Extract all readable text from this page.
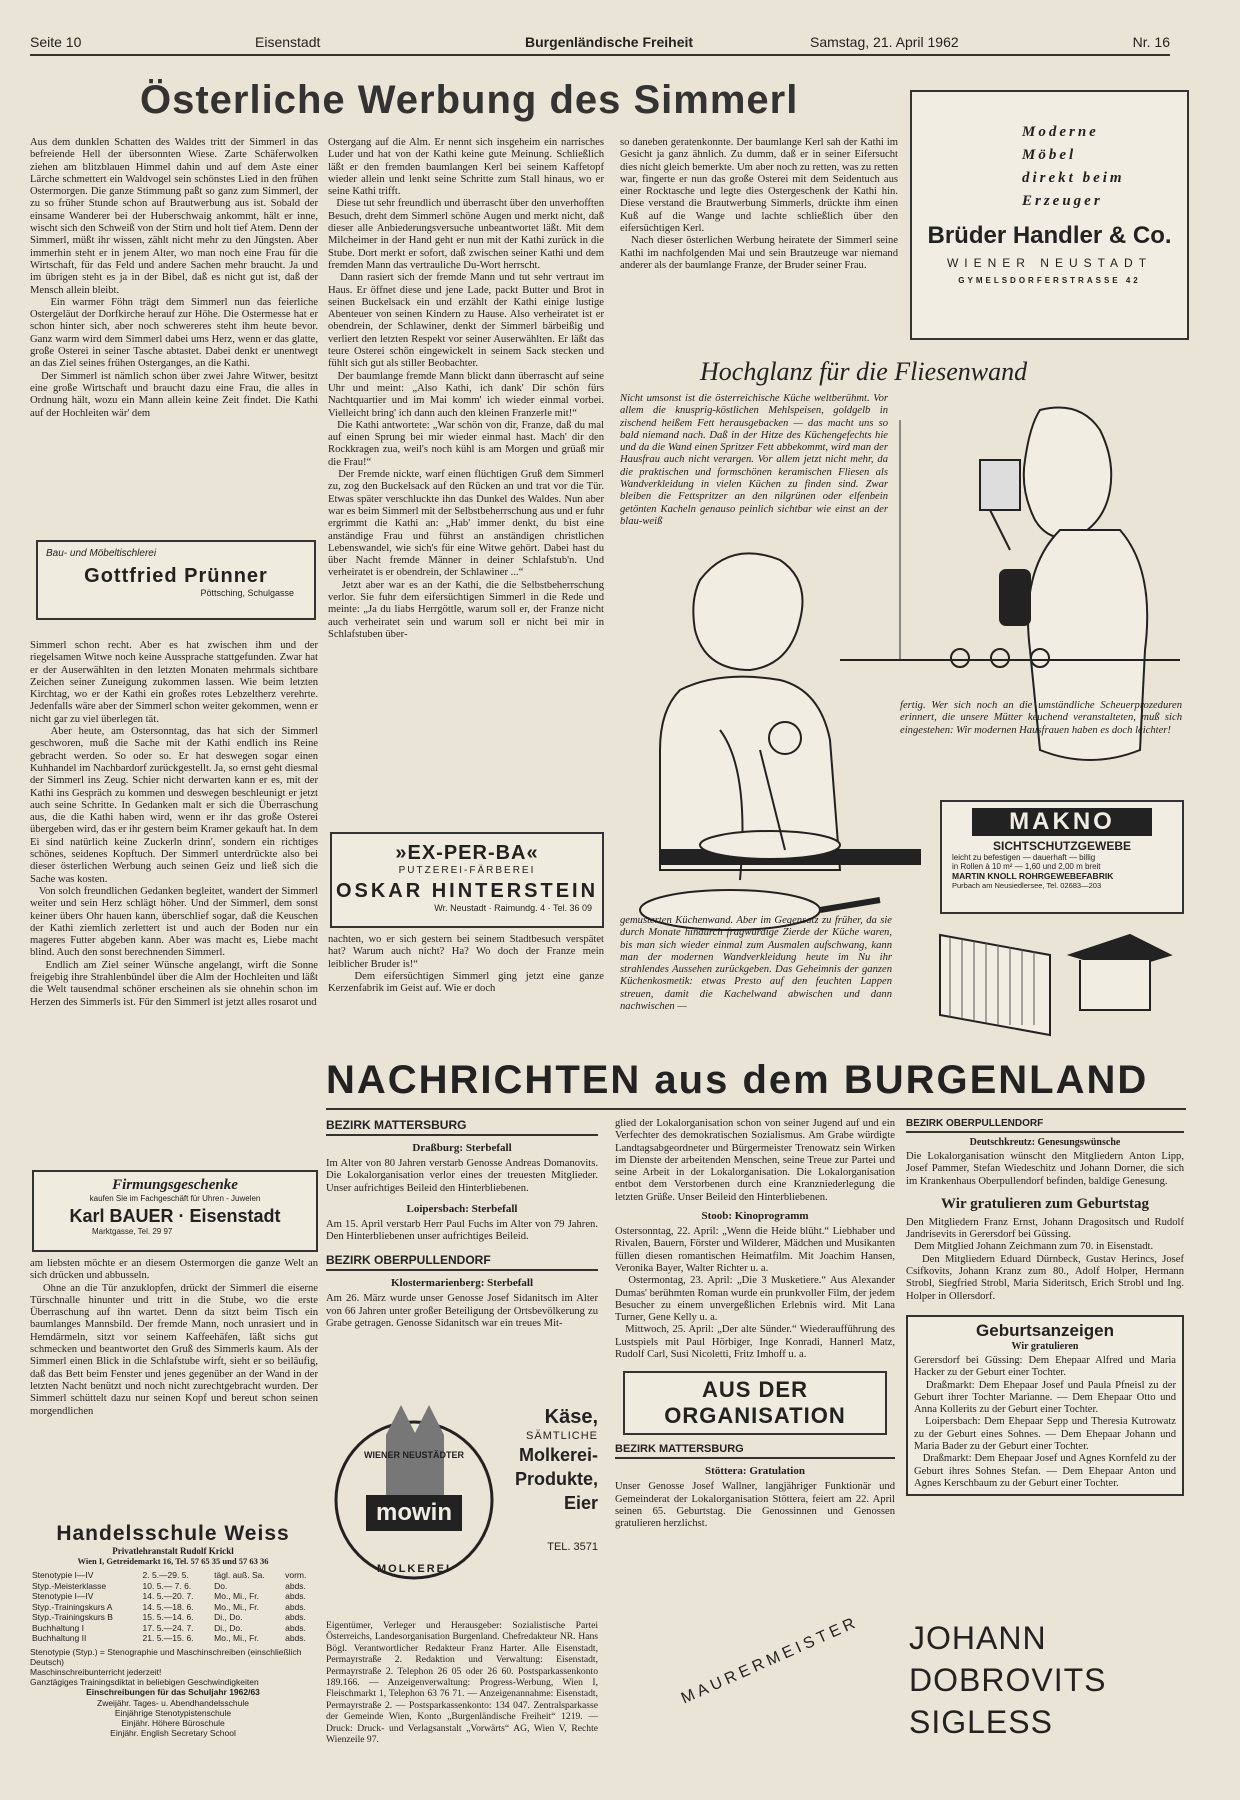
Seite 10	Eisenstadt	Burgenländische Freiheit	Samstag, 21. April 1962	Nr. 16
Österliche Werbung des Simmerl
Aus dem dunklen Schatten des Waldes tritt der Simmerl in das befreiende Hell der übersonnten Wiese. Zarte Schäferwolken ziehen am blitzblauen Himmel dahin und auf dem Aste einer Lärche schmettert ein Waldvogel sein schönstes Lied in den frühen Ostermorgen. Die ganze Stimmung paßt so ganz zum Simmerl, der zu so früher Stunde schon auf Brautwerbung aus ist. Sobald der einsame Wanderer bei der Huberschwaig ankommt, hält er inne, wischt sich den Schweiß von der Stirn und holt tief Atem. Denn der Simmerl, müßt ihr wissen, zählt nicht mehr zu den Jüngsten. Aber immerhin steht er in jenem Alter, wo man noch eine Frau für die Wirtschaft, für das Feld und andere Sachen mehr braucht. Ja und im übrigen steht es ja in der Bibel, daß es nicht gut ist, daß der Mensch allein bleibt.
Ein warmer Föhn trägt dem Simmerl nun das feierliche Ostergeläut der Dorfkirche herauf zur Höhe. Die Ostermesse hat er schon hinter sich, aber noch schwereres steht ihm heute bevor. Ganz warm wird dem Simmerl dabei ums Herz, wenn er das glatte, große Osterei in seiner Tasche abtastet. Dabei denkt er unentwegt an das Ziel seines frühen Osterganges, an die Kathi.
Der Simmerl ist nämlich schon über zwei Jahre Witwer, besitzt eine große Wirtschaft und braucht dazu eine Frau, die alles in Ordnung hält, wozu ein Mann allein keine Zeit findet. Die Kathi auf der Hochleiten wär' dem
Bau- und Möbeltischlerei
Gottfried Prünner
Pöttsching, Schulgasse
Simmerl schon recht. Aber es hat zwischen ihm und der riegelsamen Witwe noch keine Aussprache stattgefunden. Zwar hat er der Auserwählten in den letzten Monaten mehrmals sichtbare Zeichen seiner Zuneigung zukommen lassen. Wie beim letzten Kirchtag, wo er der Kathi ein großes rotes Lebzeltherz verehrte. Jedenfalls wäre aber der Simmerl schon weiter gekommen, wenn er nicht gar zu viel überlegen tät.
Aber heute, am Ostersonntag, das hat sich der Simmerl geschworen, muß die Sache mit der Kathi endlich ins Reine gebracht werden. So oder so. Er hat deswegen sogar einen Kuhhandel im Nachbardorf zurückgestellt. Ja, so ernst geht diesmal der Simmerl ins Zeug. Schier nicht derwarten kann er es, mit der Kathi ins Gespräch zu kommen und deswegen beschleunigt er jetzt auch seine Schritte. In Gedanken malt er sich die Überraschung aus, die die Kathi haben wird, wenn er ihr das große Osterei übergeben wird, das er ihr gestern beim Kramer gekauft hat. In dem Ei sind natürlich keine Zuckerln drinn', sondern ein richtiges schönes, seidenes Kopftuch. Der Simmerl unterdrückte also bei dieser österlichen Werbung auch seinen Geiz und ließ sich die Sache was kosten.
Von solch freundlichen Gedanken begleitet, wandert der Simmerl weiter und sein Herz schlägt höher. Und der Simmerl, dem sonst keiner übers Ohr hauen kann, überschlief sogar, daß die Keuschen der Kathi ziemlich zerlettert ist und auch der Boden nur ein mageres Futter abgeben kann. Aber was macht es, Liebe macht blind. Auch den sonst berechnenden Simmerl.
Endlich am Ziel seiner Wünsche angelangt, wirft die Sonne freigebig ihre Strahlenbündel über die Alm der Hochleiten und läßt die Welt tausendmal schöner erscheinen als sie ohnehin schon im Herzen des Simmerls ist. Für den Simmerl ist jetzt alles rosarot und
Firmungsgeschenke
kaufen Sie im Fachgeschäft für Uhren - Juwelen
Karl BAUER · Eisenstadt
Marktgasse, Tel. 29 97
am liebsten möchte er an diesem Ostermorgen die ganze Welt an sich drücken und abbusseln.
Ohne an die Tür anzuklopfen, drückt der Simmerl die eiserne Türschnalle hinunter und tritt in die Stube, wo die erste Überraschung auf ihn wartet. Denn da sitzt beim Tisch ein baumlanges Mannsbild. Der fremde Mann, noch unrasiert und in Hemdärmeln, sitzt vor seinem Kaffeehäfen, läßt sichs gut schmecken und beantwortet den Gruß des Simmerls kaum. Als der Simmerl einen Blick in die Schlafstube wirft, sieht er so beiläufig, daß das Bett beim Fenster und jenes gegenüber an der Wand in der letzten Nacht benützt und noch nicht zurechtgebracht wurden. Der Simmerl schüttelt dazu nur seinen Kopf und bereut schon seinen morgendlichen
Handelsschule Weiss
Privatlehranstalt Rudolf Krickl
Wien I, Getreidemarkt 16, Tel. 57 65 35 und 57 63 36
Stenotypie I—IV	2. 5.—29. 5.	tägl. auß. Sa.	vorm.
Styp.-Meisterklasse	10. 5.— 7. 6.	Do.	abds.
Stenotypie I—IV	14. 5.—20. 7.	Mo., Mi., Fr.	abds.
Styp.-Trainingskurs A	14. 5.—18. 6.	Mo., Mi., Fr.	abds.
Styp.-Trainingskurs B	15. 5.—14. 6.	Di., Do.	abds.
Buchhaltung I	17. 5.—24. 7.	Di., Do.	abds.
Buchhaltung II	21. 5.—15. 6.	Mo., Mi., Fr.	abds.
Stenotypie (Styp.) = Stenographie und Maschinschreiben (einschließlich Deutsch)
Maschinschreibunterricht jederzeit!
Ganztägiges Trainingsdiktat in beliebigen Geschwindigkeiten
Einschreibungen für das Schuljahr 1962/63
Zweijähr. Tages- u. Abendhandelsschule
Einjährige Stenotypistenschule
Einjähr. Höhere Büroschule
Einjähr. English Secretary School
Ostergang auf die Alm. Er nennt sich insgeheim ein narrisches Luder und hat von der Kathi keine gute Meinung. Schließlich läßt er den fremden baumlangen Kerl bei seinem Kaffetopf wieder allein und lenkt seine Schritte zum Stall hinaus, wo er seine Kathi trifft.
Diese tut sehr freundlich und überrascht über den unverhofften Besuch, dreht dem Simmerl schöne Augen und merkt nicht, daß dieser alle Anbiederungsversuche unbeantwortet läßt. Mit dem Milcheimer in der Hand geht er nun mit der Kathi zurück in die Stube. Dort merkt er sofort, daß zwischen seiner Kathi und dem fremden Mann das vertrauliche Du-Wort herrscht.
Dann rasiert sich der fremde Mann und tut sehr vertraut im Haus. Er öffnet diese und jene Lade, packt Butter und Brot in seinen Buckelsack ein und erzählt der Kathi einige lustige Abenteuer von seinen Kindern zu Hause. Also verheiratet ist er obendrein, der Schlawiner, denkt der Simmerl bärbeißig und verliert den letzten Respekt vor seiner Auserwählten. Er läßt das teure Osterei schön eingewickelt in seinem Sack stecken und fühlt sich gut als stiller Beobachter.
Der baumlange fremde Mann blickt dann überrascht auf seine Uhr und meint: „Also Kathi, ich dank' Dir schön fürs Nachtquartier und im Mai komm' ich wieder einmal vorbei. Vielleicht bring' ich dann auch den kleinen Franzerle mit!“
Die Kathi antwortete: „War schön von dir, Franze, daß du mal auf einen Sprung bei mir wieder einmal hast. Mach' dir den Rockkragen zua, weil's noch kühl is am Morgen und grüaß mir die Frau!“
Der Fremde nickte, warf einen flüchtigen Gruß dem Simmerl zu, zog den Buckelsack auf den Rücken an und trat vor die Tür. Etwas später verschluckte ihn das Dunkel des Waldes. Nun aber war es beim Simmerl mit der Selbstbeherrschung aus und er fuhr ergrimmt die Kathi an: „Hab' immer denkt, du bist eine anständige Frau und führst an anständigen christlichen Lebenswandel, wie sich's für eine Witwe gehört. Dabei hast du über Nacht fremde Männer in deiner Schlafstub'n. Und verheiratet is er obendrein, der Schlawiner ...“
Jetzt aber war es an der Kathi, die die Selbstbeherrschung verlor. Sie fuhr dem eifersüchtigen Simmerl in die Rede und meinte: „Ja du liabs Herrgöttle, warum soll er, der Franze nicht auch verheiratet sein und warum soll er nicht bei mir in Schlafstuben über-
»EX-PER-BA«
PUTZEREI-FÄRBEREI
OSKAR HINTERSTEIN
Wr. Neustadt · Raimundg. 4 · Tel. 36 09
nachten, wo er sich gestern bei seinem Stadtbesuch verspätet hat? Warum auch nicht? Ha? Wo doch der Franze mein leiblicher Bruder is!“
Dem eifersüchtigen Simmerl ging jetzt eine ganze Kerzenfabrik im Geist auf. Wie er doch
so daneben geratenkonnte. Der baumlange Kerl sah der Kathi im Gesicht ja ganz ähnlich. Zu dumm, daß er in seiner Eifersucht dies nicht gleich bemerkte. Um aber noch zu retten, was zu retten war, fingerte er nun das große Osterei mit dem Seidentuch aus einer Rocktasche und legte dies Ostergeschenk der Kathi hin. Diese verstand die Brautwerbung Simmerls, drückte ihm einen Kuß auf die Wange und lachte schließlich über den eifersüchtigen Kerl.
Nach dieser österlichen Werbung heiratete der Simmerl seine Kathi im nachfolgenden Mai und sein Brautzeuge war niemand anderer als der baumlange Franze, der Bruder seiner Frau.
Moderne
Möbel
direkt beim
Erzeuger
Brüder Handler & Co.
WIENER NEUSTADT
GYMELSDORFERSTRASSE 42
Hochglanz für die Fliesenwand
Nicht umsonst ist die österreichische Küche weltberühmt. Vor allem die knusprig-köstlichen Mehlspeisen, goldgelb in zischend heißem Fett herausgebacken — das macht uns so bald niemand nach. Daß in der Hitze des Küchengefechts hie und da die Wand einen Spritzer Fett abbekommt, wird man der Hausfrau auch nicht verargen. Vor allem jetzt nicht mehr, da die praktischen und formschönen keramischen Fliesen als Wandverkleidung in vielen Küchen zu finden sind. Zwar bleiben die Fettspritzer an den nilgrünen oder elfenbein getönten Kacheln genauso peinlich sichtbar wie einst an der blau-weiß
fertig. Wer sich noch an die umständliche Scheuerprozeduren erinnert, die unsere Mütter keuchend veranstalteten, muß sich eingestehen: Wir modernen Hausfrauen haben es doch leichter!
MAKNO
SICHTSCHUTZGEWEBE
leicht zu befestigen — dauerhaft — billig
in Rollen à 10 m² — 1,60 und 2,00 m breit
MARTIN KNOLL ROHRGEWEBEFABRIK
Purbach am Neusiedlersee, Tel. 02683—203
gemusterten Küchenwand. Aber im Gegensatz zu früher, da sie durch Monate hindurch fragwürdige Zierde der Küche waren, bis man sich wieder einmal zum Ausmalen aufschwang, kann man der modernen Wandverkleidung heute im Nu ihr strahlendes Aussehen zurückgeben. Das Geheimnis der ganzen Küchenkosmetik: etwas Presto auf den feuchten Lappen streuen, damit die Kachelwand abwischen und dann nachwischen —
NACHRICHTEN aus dem BURGENLAND
BEZIRK MATTERSBURG
Draßburg: Sterbefall
Im Alter von 80 Jahren verstarb Genosse Andreas Domanovits. Die Lokalorganisation verlor eines der treuesten Mitglieder. Unser aufrichtiges Beileid den Hinterbliebenen.
Loipersbach: Sterbefall
Am 15. April verstarb Herr Paul Fuchs im Alter von 79 Jahren. Den Hinterbliebenen unser aufrichtiges Beileid.
BEZIRK OBERPULLENDORF
Klostermarienberg: Sterbefall
Am 26. März wurde unser Genosse Josef Sidanitsch im Alter von 66 Jahren unter großer Beteiligung der Ortsbevölkerung zu Grabe getragen. Genosse Sidanitsch war ein treues Mit-
WIENER NEUSTÄDTER
mowin
MOLKEREI
Käse,
SÄMTLICHE
Molkerei-
Produkte,
Eier
TEL. 3571
Eigentümer, Verleger und Herausgeber: Sozialistische Partei Österreichs, Landesorganisation Burgenland. Chefredakteur NR. Hans Bögl. Verantwortlicher Redakteur Franz Harter. Alle Eisenstadt, Permayrstraße 2. Redaktion und Verwaltung: Eisenstadt, Permayrstraße 2. Telephon 26 05 oder 26 60. Postsparkassenkonto 189.166. — Anzeigenverwaltung: Progress-Werbung, Wien I, Fleischmarkt 1, Telephon 63 76 71. — Anzeigenannahme: Eisenstadt, Permayrstraße 2. — Postsparkassenkonto: 134 047. Zentralsparkasse der Gemeinde Wien, Konto „Burgenländische Freiheit“ 1219. — Druck: Druck- und Verlagsanstalt „Vorwärts“ AG, Wien V, Rechte Wienzeile 97.
glied der Lokalorganisation schon von seiner Jugend auf und ein Verfechter des demokratischen Sozialismus. Am Grabe würdigte Landtagsabgeordneter und Bürgermeister Trenowatz sein Wirken im Dienste der arbeitenden Menschen, seine Treue zur Partei und seine Arbeit in der Lokalorganisation. Die Lokalorganisation entbot dem Verstorbenen durch eine Kranzniederlegung die letzten Grüße. Unser Beileid den Hinterbliebenen.
Stoob: Kinoprogramm
Ostersonntag, 22. April: „Wenn die Heide blüht.“ Liebhaber und Rivalen, Bauern, Förster und Wilderer, Mädchen und Musikanten füllen diesen romantischen Heimatfilm. Mit Joachim Hansen, Veronika Bayer, Walter Richter u. a.
Ostermontag, 23. April: „Die 3 Musketiere.“ Aus Alexander Dumas' berühmten Roman wurde ein prunkvoller Film, der jedem Besucher zu einem unvergeßlichen Erlebnis wird. Mit Lana Turner, Gene Kelly u. a.
Mittwoch, 25. April: „Der alte Sünder.“ Wiederaufführung des Lustspiels mit Paul Hörbiger, Inge Konradi, Hannerl Matz, Rudolf Carl, Susi Nicoletti, Fritz Imhoff u. a.
AUS DER ORGANISATION
BEZIRK MATTERSBURG
Stöttera: Gratulation
Unser Genosse Josef Wallner, langjähriger Funktionär und Gemeinderat der Lokalorganisation Stöttera, feiert am 22. April seinen 65. Geburtstag. Die Genossinnen und Genossen gratulieren herzlichst.
BEZIRK OBERPULLENDORF
Deutschkreutz: Genesungswünsche
Die Lokalorganisation wünscht den Mitgliedern Anton Lipp, Josef Pammer, Stefan Wiedeschitz und Johann Dorner, die sich im Krankenhaus Oberpullendorf befinden, baldige Genesung.
Wir gratulieren zum Geburtstag
Den Mitgliedern Franz Ernst, Johann Dragositsch und Rudolf Jandrisevits in Gerersdorf bei Güssing.
Dem Mitglied Johann Zeichmann zum 70. in Eisenstadt.
Den Mitgliedern Eduard Dürnbeck, Gustav Herincs, Josef Csifkovits, Johann Kranz zum 80., Adolf Holper, Hermann Strobl, Siegfried Strobl, Maria Sideritsch, Erich Strobl und Ing. Holper in Ollersdorf.
Geburtsanzeigen
Wir gratulieren
Gerersdorf bei Güssing: Dem Ehepaar Alfred und Maria Hacker zu der Geburt einer Tochter.
Draßmarkt: Dem Ehepaar Josef und Paula Pfneisl zu der Geburt ihrer Tochter Marianne. — Dem Ehepaar Otto und Anna Kollerits zu der Geburt einer Tochter.
Loipersbach: Dem Ehepaar Sepp und Theresia Kutrowatz zu der Geburt eines Sohnes. — Dem Ehepaar Johann und Maria Bader zu der Geburt einer Tochter.
Draßmarkt: Dem Ehepaar Josef und Agnes Kornfeld zu der Geburt ihres Sohnes Stefan. — Dem Ehepaar Anton und Agnes Kerschbaum zu der Geburt einer Tochter.
MAURERMEISTER JOHANN
DOBROVITS
SIGLESS
